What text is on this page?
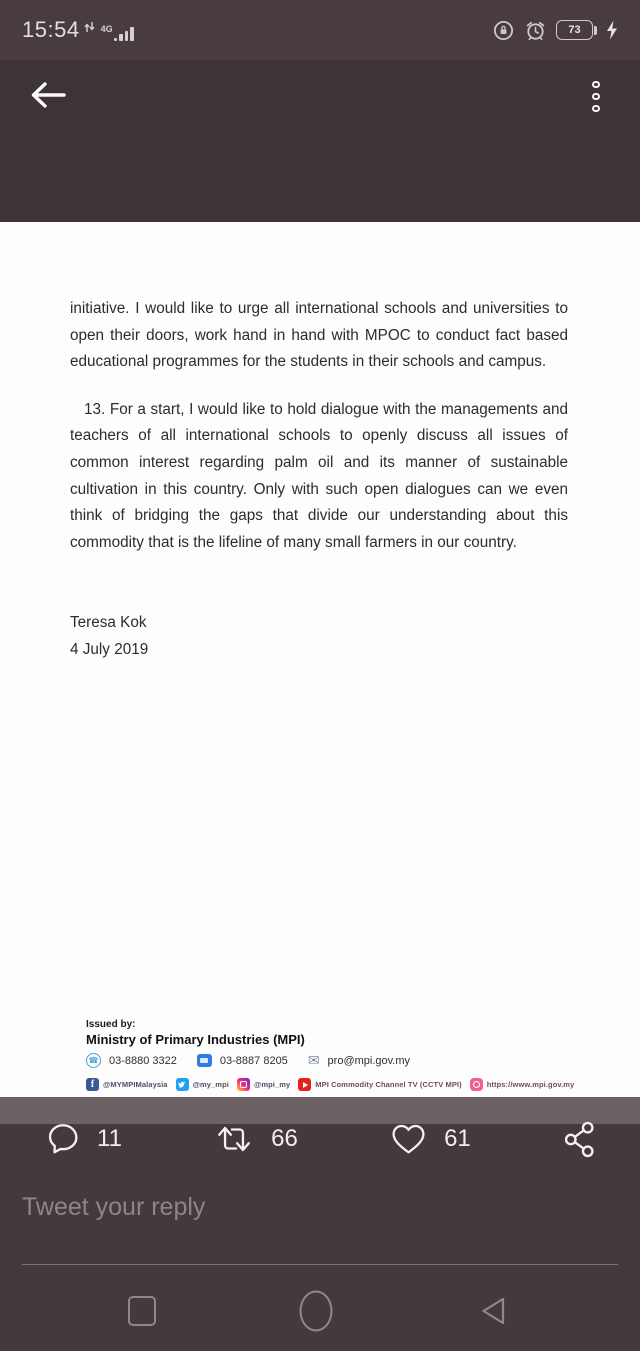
15:54 4G	73

initiative. I would like to urge all international schools and universities to open their doors, work hand in hand with MPOC to conduct fact based educational programmes for the students in their schools and campus.

13. For a start, I would like to hold dialogue with the managements and teachers of all international schools to openly discuss all issues of common interest regarding palm oil and its manner of sustainable cultivation in this country. Only with such open dialogues can we even think of bridging the gaps that divide our understanding about this commodity that is the lifeline of many small farmers in our country.

Teresa Kok
4 July 2019
Issued by:
Ministry of Primary Industries (MPI)
☎ 03-8880 3322	03-8887 8205 ✉ pro@mpi.gov.my
f	@MYMPIMalaysia	@my_mpi	@mpi_my	MPI Commodity Channel TV (CCTV MPI)	https://www.mpi.gov.my
11	66	61
Tweet your reply
